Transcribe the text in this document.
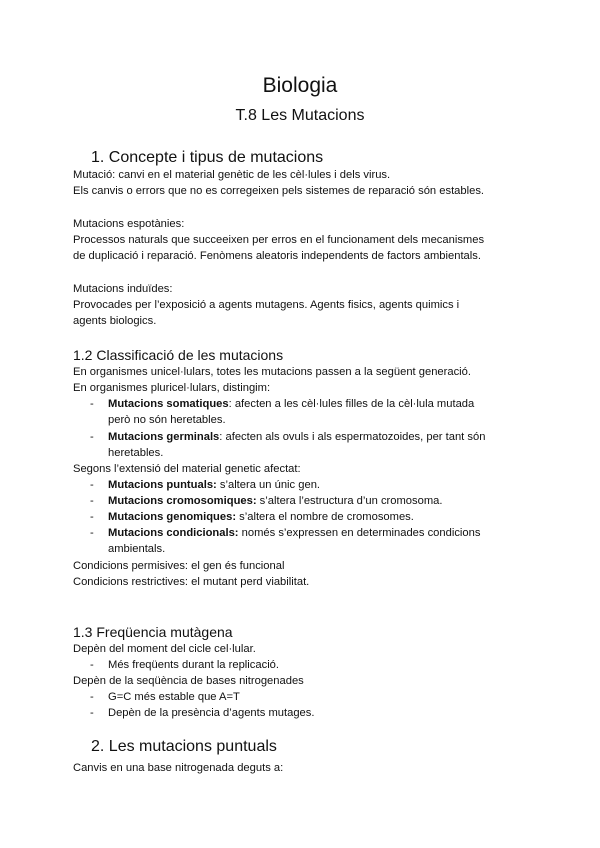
Biologia
T.8 Les Mutacions
1. Concepte i tipus de mutacions
Mutació: canvi en el material genètic de les cèl·lules i dels virus.
Els canvis o errors que no es corregeixen pels sistemes de reparació són estables.
Mutacions espotànies:
Processos naturals que succeeixen per erros en el funcionament dels mecanismes
de duplicació i reparació. Fenòmens aleatoris independents de factors ambientals.
Mutacions induïdes:
Provocades per l’exposició a agents mutagens. Agents fisics, agents quimics i
agents biologics.
1.2 Classificació de les mutacions
En organismes unicel·lulars, totes les mutacions passen a la següent generació.
En organismes pluricel·lulars, distingim:
- Mutacions somatiques: afecten a les cèl·lules filles de la cèl·lula mutada
però no són heretables.
- Mutacions germinals: afecten als ovuls i als espermatozoides, per tant són
heretables.
Segons l’extensió del material genetic afectat:
- Mutacions puntuals: s’altera un únic gen.
- Mutacions cromosomiques: s’altera l’estructura d’un cromosoma.
- Mutacions genomiques: s’altera el nombre de cromosomes.
- Mutacions condicionals: només s’expressen en determinades condicions
ambientals.
Condicions permisives: el gen és funcional
Condicions restrictives: el mutant perd viabilitat.
1.3 Freqüencia mutàgena
Depèn del moment del cicle cel·lular.
- Més freqüents durant la replicació.
Depèn de la seqüència de bases nitrogenades
- G=C més estable que A=T
- Depèn de la presència d’agents mutages.
2. Les mutacions puntuals
Canvis en una base nitrogenada deguts a:
